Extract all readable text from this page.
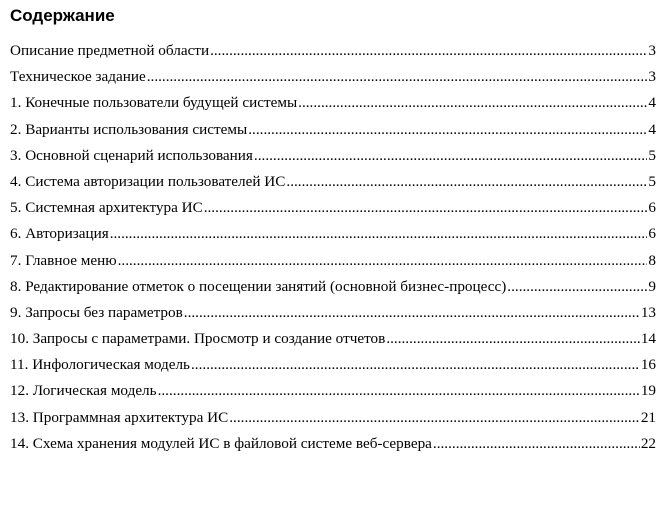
Содержание
Описание предметной области .....	3
Техническое задание .....	3
1. Конечные пользователи будущей системы .....	4
2. Варианты использования системы .....	4
3. Основной сценарий использования .....	5
4. Система авторизации пользователей ИС .....	5
5. Системная архитектура ИС .....	6
6. Авторизация .....	6
7. Главное меню .....	8
8. Редактирование отметок о посещении занятий (основной бизнес-процесс) .....	9
9. Запросы без параметров .....	13
10. Запросы с параметрами. Просмотр и создание отчетов .....	14
11. Инфологическая модель .....	16
12. Логическая модель .....	19
13. Программная архитектура ИС .....	21
14. Схема хранения модулей ИС в файловой системе веб-сервера .....	22
